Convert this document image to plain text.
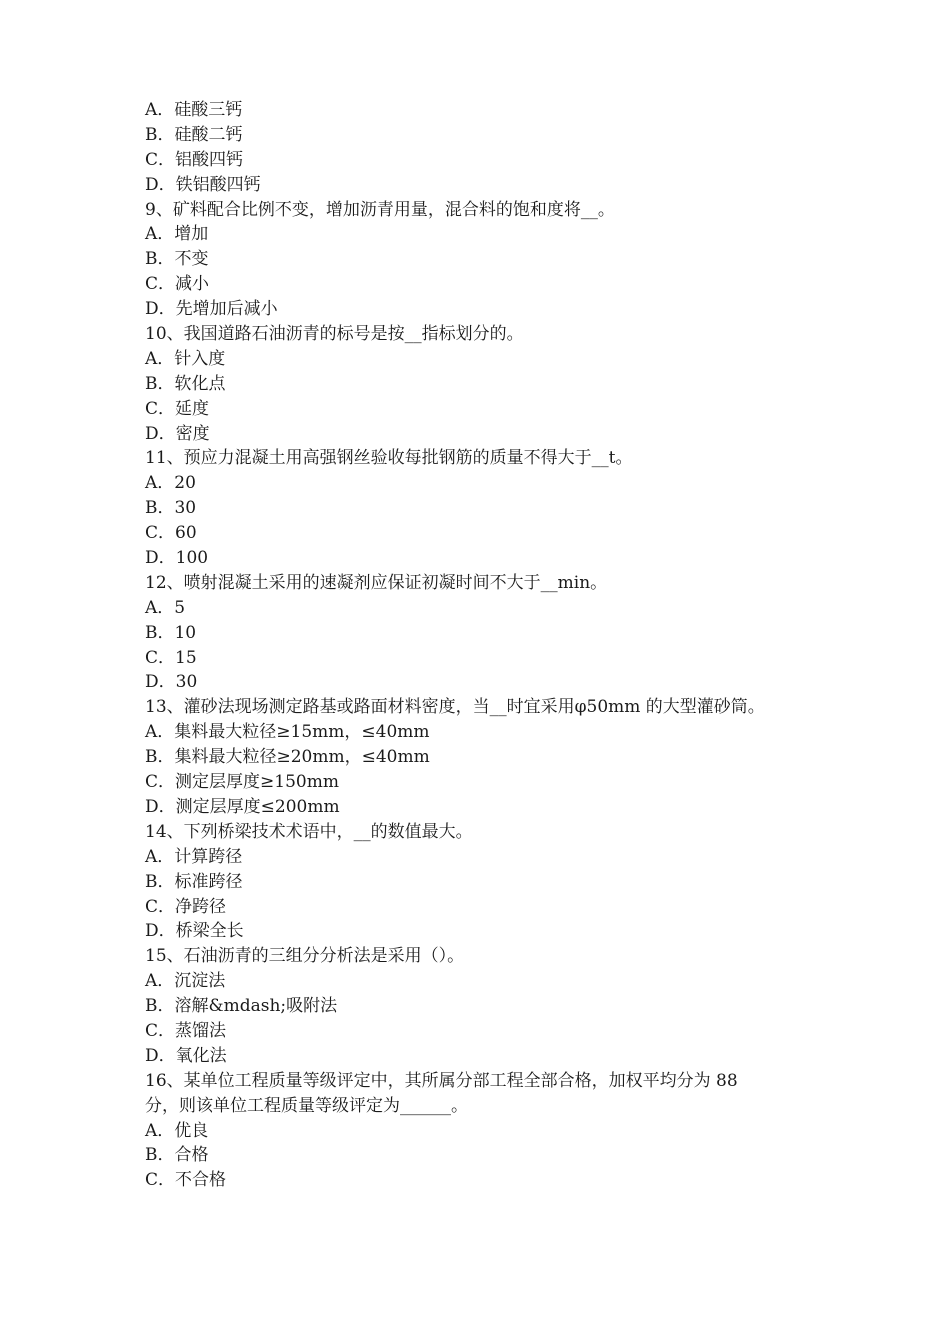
A．硅酸三钙
B．硅酸二钙
C．铝酸四钙
D．铁铝酸四钙
9、矿料配合比例不变，增加沥青用量，混合料的饱和度将__。
A．增加
B．不变
C．减小
D．先增加后减小
10、我国道路石油沥青的标号是按__指标划分的。
A．针入度
B．软化点
C．延度
D．密度
11、预应力混凝土用高强钢丝验收每批钢筋的质量不得大于__t。
A．20
B．30
C．60
D．100
12、喷射混凝土采用的速凝剂应保证初凝时间不大于__min。
A．5
B．10
C．15
D．30
13、灌砂法现场测定路基或路面材料密度，当__时宜采用φ50mm 的大型灌砂筒。
A．集料最大粒径≥15mm，≤40mm
B．集料最大粒径≥20mm，≤40mm
C．测定层厚度≥150mm
D．测定层厚度≤200mm
14、下列桥梁技术术语中，__的数值最大。
A．计算跨径
B．标准跨径
C．净跨径
D．桥梁全长
15、石油沥青的三组分分析法是采用（）。
A．沉淀法
B．溶解&mdash;吸附法
C．蒸馏法
D．氧化法
16、某单位工程质量等级评定中，其所属分部工程全部合格，加权平均分为 88
分，则该单位工程质量等级评定为______。
A．优良
B．合格
C．不合格
